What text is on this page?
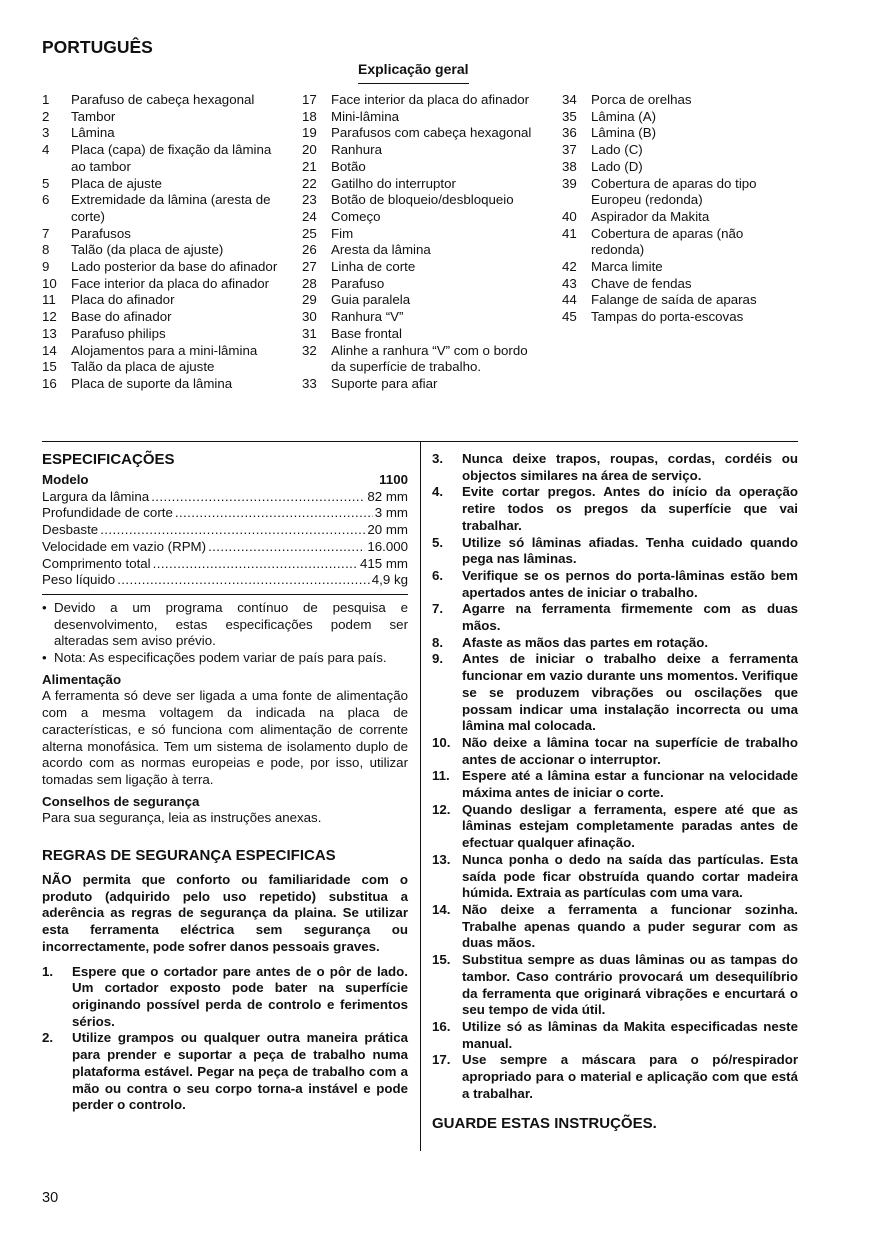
PORTUGUÊS
Explicação geral
1	Parafuso de cabeça hexagonal
2	Tambor
3	Lâmina
4	Placa (capa) de fixação da lâmina ao tambor
5	Placa de ajuste
6	Extremidade da lâmina (aresta de corte)
7	Parafusos
8	Talão (da placa de ajuste)
9	Lado posterior da base do afinador
10	Face interior da placa do afinador
11	Placa do afinador
12	Base do afinador
13	Parafuso philips
14	Alojamentos para a mini-lâmina
15	Talão da placa de ajuste
16	Placa de suporte da lâmina
17	Face interior da placa do afinador
18	Mini-lâmina
19	Parafusos com cabeça hexagonal
20	Ranhura
21	Botão
22	Gatilho do interruptor
23	Botão de bloqueio/desbloqueio
24	Começo
25	Fim
26	Aresta da lâmina
27	Linha de corte
28	Parafuso
29	Guia paralela
30	Ranhura “V”
31	Base frontal
32	Alinhe a ranhura “V” com o bordo da superfície de trabalho.
33	Suporte para afiar
34	Porca de orelhas
35	Lâmina (A)
36	Lâmina (B)
37	Lado (C)
38	Lado (D)
39	Cobertura de aparas do tipo Europeu (redonda)
40	Aspirador da Makita
41	Cobertura de aparas (não redonda)
42	Marca limite
43	Chave de fendas
44	Falange de saída de aparas
45	Tampas do porta-escovas
ESPECIFICAÇÕES
Modelo	1100
Largura da lâmina .....	82 mm
Profundidade de corte .....	3 mm
Desbaste .....	20 mm
Velocidade em vazio (RPM) .....	16.000
Comprimento total .....	415 mm
Peso líquido .....	4,9 kg
• Devido a um programa contínuo de pesquisa e desenvolvimento, estas especificações podem ser alteradas sem aviso prévio.
• Nota: As especificações podem variar de país para país.
Alimentação
A ferramenta só deve ser ligada a uma fonte de alimentação com a mesma voltagem da indicada na placa de características, e só funciona com alimentação de corrente alterna monofásica. Tem um sistema de isolamento duplo de acordo com as normas europeias e pode, por isso, utilizar tomadas sem ligação à terra.
Conselhos de segurança
Para sua segurança, leia as instruções anexas.
REGRAS DE SEGURANÇA ESPECIFICAS
NÃO permita que conforto ou familiaridade com o produto (adquirido pelo uso repetido) substitua a aderência as regras de segurança da plaina. Se utilizar esta ferramenta eléctrica sem segurança ou incorrectamente, pode sofrer danos pessoais graves.
1.	Espere que o cortador pare antes de o pôr de lado. Um cortador exposto pode bater na superfície originando possível perda de controlo e ferimentos sérios.
2.	Utilize grampos ou qualquer outra maneira prática para prender e suportar a peça de trabalho numa plataforma estável. Pegar na peça de trabalho com a mão ou contra o seu corpo torna-a instável e pode perder o controlo.
3.	Nunca deixe trapos, roupas, cordas, cordéis ou objectos similares na área de serviço.
4.	Evite cortar pregos. Antes do início da operação retire todos os pregos da superfície que vai trabalhar.
5.	Utilize só lâminas afiadas. Tenha cuidado quando pega nas lâminas.
6.	Verifique se os pernos do porta-lâminas estão bem apertados antes de iniciar o trabalho.
7.	Agarre na ferramenta firmemente com as duas mãos.
8.	Afaste as mãos das partes em rotação.
9.	Antes de iniciar o trabalho deixe a ferramenta funcionar em vazio durante uns momentos. Verifique se se produzem vibrações ou oscilações que possam indicar uma instalação incorrecta ou uma lâmina mal colocada.
10. Não deixe a lâmina tocar na superfície de trabalho antes de accionar o interruptor.
11. Espere até a lâmina estar a funcionar na velocidade máxima antes de iniciar o corte.
12. Quando desligar a ferramenta, espere até que as lâminas estejam completamente paradas antes de efectuar qualquer afinação.
13. Nunca ponha o dedo na saída das partículas. Esta saída pode ficar obstruída quando cortar madeira húmida. Extraia as partículas com uma vara.
14. Não deixe a ferramenta a funcionar sozinha. Trabalhe apenas quando a puder segurar com as duas mãos.
15. Substitua sempre as duas lâminas ou as tampas do tambor. Caso contrário provocará um desequilíbrio da ferramenta que originará vibrações e encurtará o seu tempo de vida útil.
16. Utilize só as lâminas da Makita especificadas neste manual.
17. Use sempre a máscara para o pó/respirador apropriado para o material e aplicação com que está a trabalhar.
GUARDE ESTAS INSTRUÇÕES.
30
